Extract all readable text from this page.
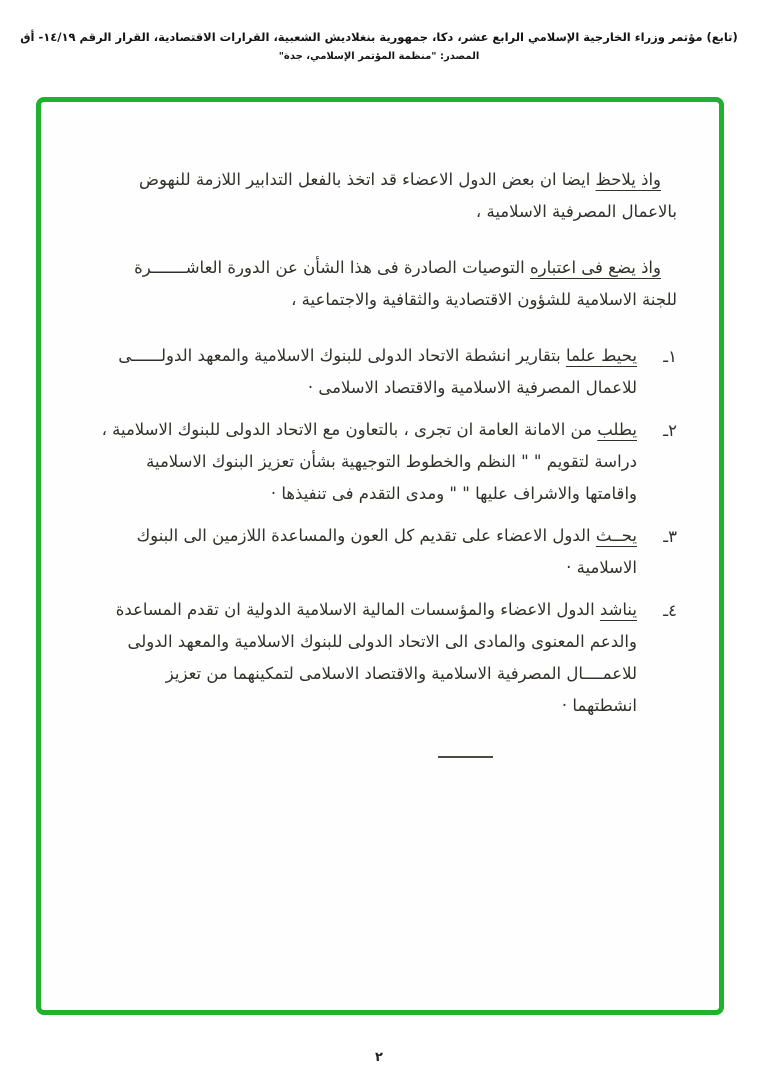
(تابع) مؤتمر وزراء الخارجية الإسلامي الرابع عشر، دكا، جمهورية بنغلاديش الشعبية، القرارات الاقتصادية، القرار الرقم ١٤/١٩- أق
المصدر: "منظمة المؤتمر الإسلامي، جدة"

واذ يلاحظ ايضا ان بعض الدول الاعضاء قد اتخذ بالفعل التدابير اللازمة للنهوض بالاعمال المصرفية الاسلامية ،

واذ يضع فى اعتباره التوصيات الصادرة فى هذا الشأن عن الدورة العاشـــــــرة للجنة الاسلامية للشؤون الاقتصادية والثقافية والاجتماعية ،

١ـ

يحيط علما بتقارير انشطة الاتحاد الدولى للبنوك الاسلامية والمعهد الدولــــــى للاعمال المصرفية الاسلامية والاقتصاد الاسلامى ·

٢ـ

يطلب من الامانة العامة ان تجرى ، بالتعاون مع الاتحاد الدولى للبنوك الاسلامية ، دراسة لتقويم " " النظم والخطوط التوجيهية بشأن تعزيز البنوك الاسلامية واقامتها والاشراف عليها " " ومدى التقدم فى تنفيذها ·

٣ـ

يحــث الدول الاعضاء على تقديم كل العون والمساعدة اللازمين الى البنوك الاسلامية ·

٤ـ

يناشد الدول الاعضاء والمؤسسات المالية الاسلامية الدولية ان تقدم المساعدة والدعم المعنوى والمادى الى الاتحاد الدولى للبنوك الاسلامية والمعهد الدولى للاعمــــال المصرفية الاسلامية والاقتصاد الاسلامى لتمكينهما من تعزيز انشطتهما ·

٢
